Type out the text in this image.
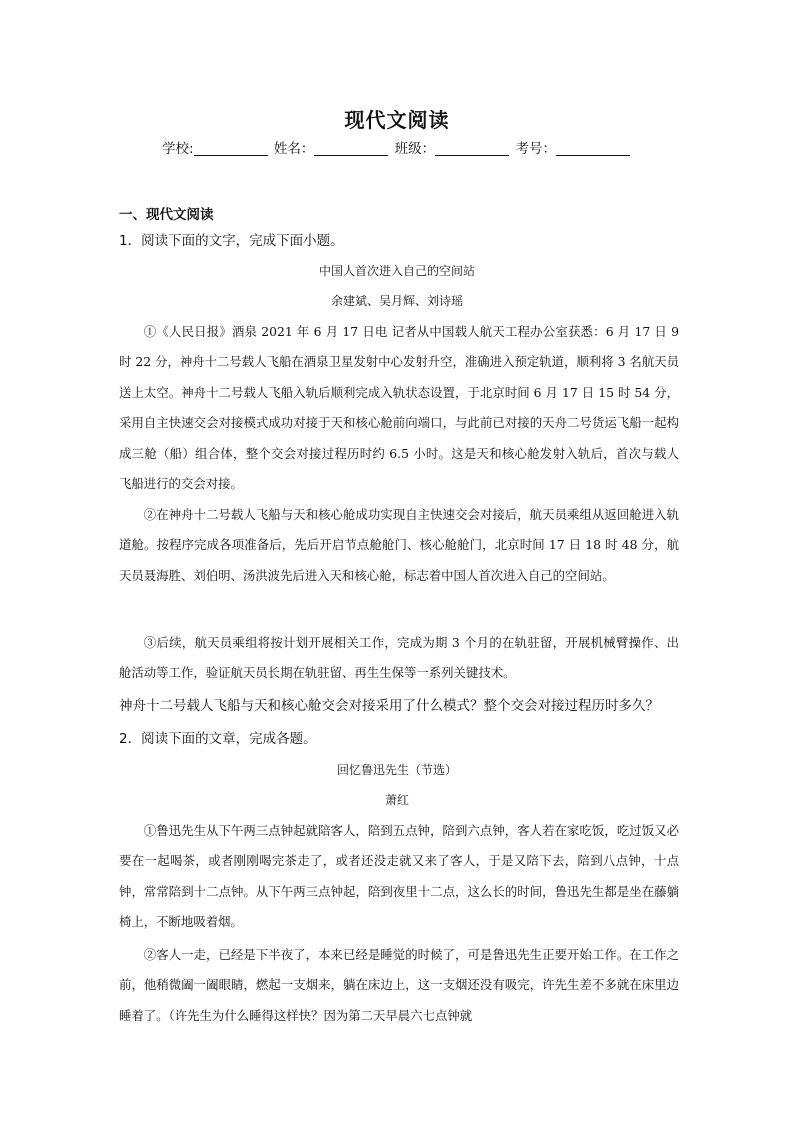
现代文阅读
学校:	姓名：	班级：	考号：
一、现代文阅读
1．阅读下面的文字，完成下面小题。
中国人首次进入自己的空间站
余建斌、吴月辉、刘诗瑶

①《人民日报》酒泉 2021 年 6 月 17 日电 记者从中国载人航天工程办公室获悉：6 月 17 日 9 时 22 分，神舟十二号载人飞船在酒泉卫星发射中心发射升空，准确进入预定轨道，顺利将 3 名航天员送上太空。神舟十二号载人飞船入轨后顺利完成入轨状态设置，于北京时间 6 月 17 日 15 时 54 分，采用自主快速交会对接模式成功对接于天和核心舱前向端口，与此前已对接的天舟二号货运飞船一起构成三舱（船）组合体，整个交会对接过程历时约 6.5 小时。这是天和核心舱发射入轨后，首次与载人飞船进行的交会对接。

②在神舟十二号载人飞船与天和核心舱成功实现自主快速交会对接后，航天员乘组从返回舱进入轨道舱。按程序完成各项准备后，先后开启节点舱舱门、核心舱舱门，北京时间 17 日 18 时 48 分，航天员聂海胜、刘伯明、汤洪波先后进入天和核心舱，标志着中国人首次进入自己的空间站。

③后续，航天员乘组将按计划开展相关工作，完成为期 3 个月的在轨驻留，开展机械臂操作、出舱活动等工作，验证航天员长期在轨驻留、再生生保等一系列关键技术。

神舟十二号载人飞船与天和核心舱交会对接采用了什么模式？整个交会对接过程历时多久？
2．阅读下面的文章，完成各题。
回忆鲁迅先生（节选）
萧红

①鲁迅先生从下午两三点钟起就陪客人，陪到五点钟，陪到六点钟，客人若在家吃饭，吃过饭又必要在一起喝茶，或者刚刚喝完茶走了，或者还没走就又来了客人，于是又陪下去，陪到八点钟，十点钟，常常陪到十二点钟。从下午两三点钟起，陪到夜里十二点，这么长的时间，鲁迅先生都是坐在藤躺椅上，不断地吸着烟。

②客人一走，已经是下半夜了，本来已经是睡觉的时候了，可是鲁迅先生正要开始工作。在工作之前，他稍微阖一阖眼睛，燃起一支烟来，躺在床边上，这一支烟还没有吸完，许先生差不多就在床里边睡着了。（许先生为什么睡得这样快？因为第二天早晨六七点钟就
